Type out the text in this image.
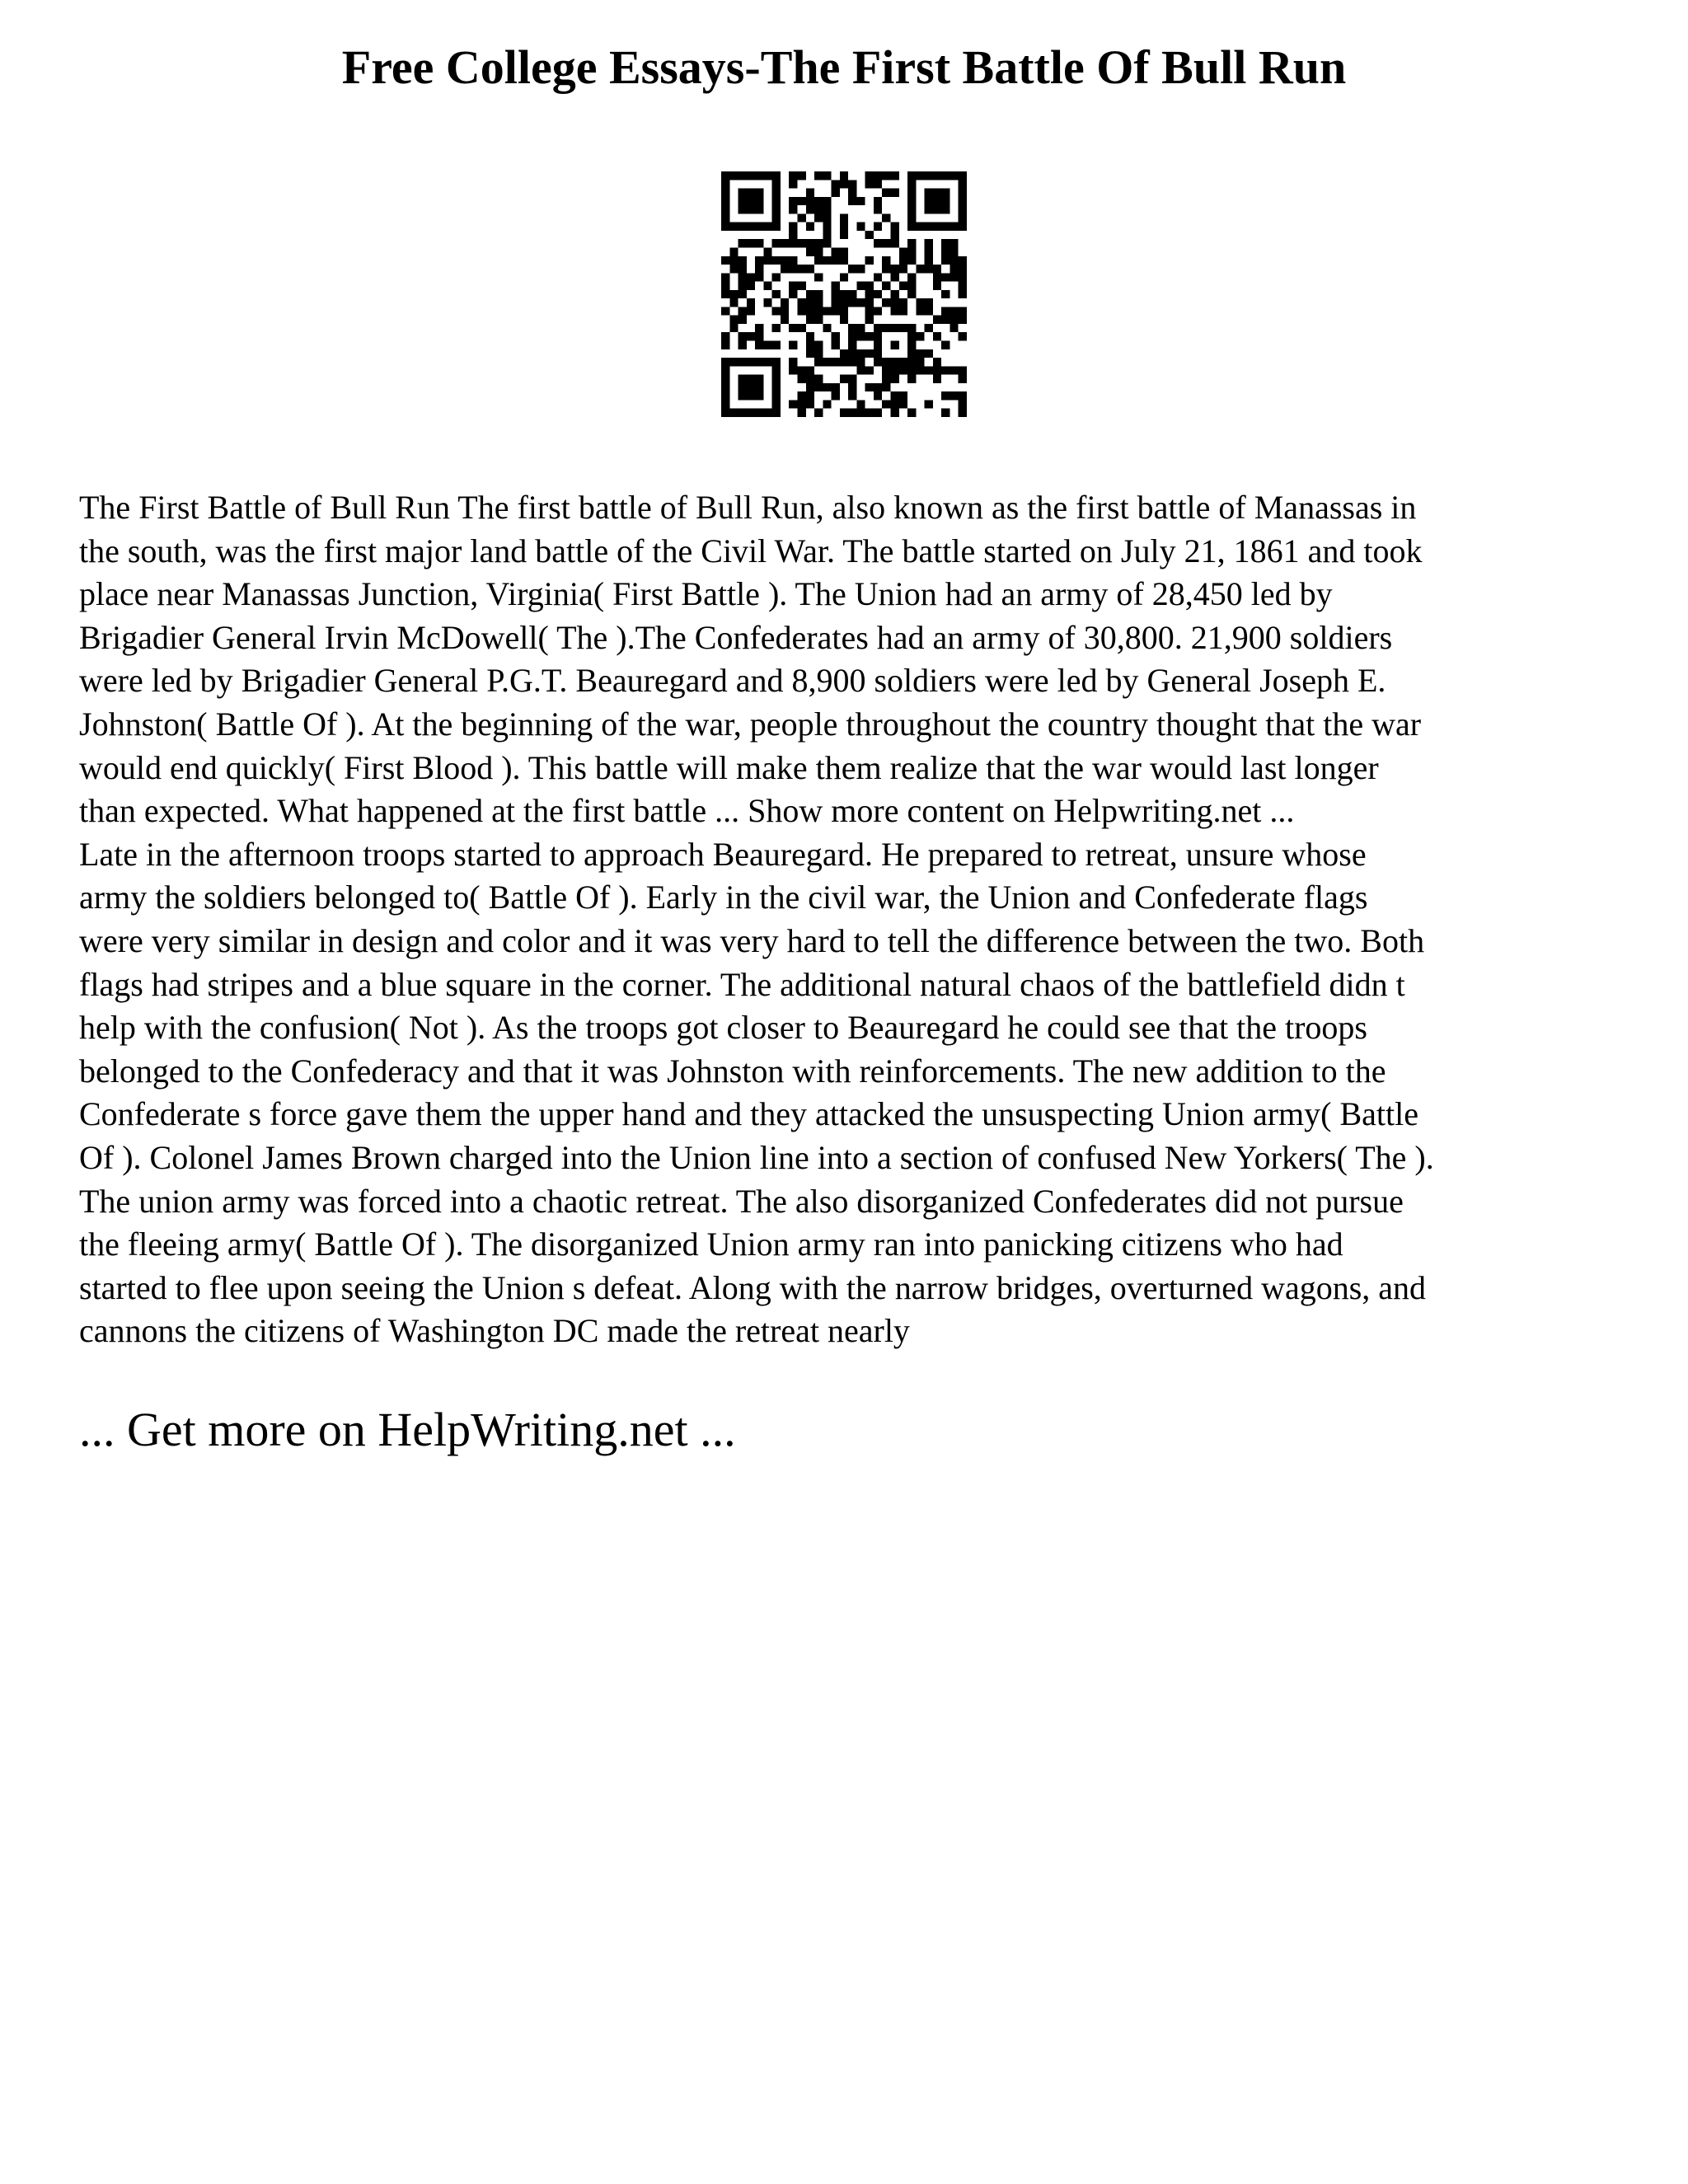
Free College Essays-The First Battle Of Bull Run
The First Battle of Bull Run The first battle of Bull Run, also known as the first battle of Manassas in
the south, was the first major land battle of the Civil War. The battle started on July 21, 1861 and took
place near Manassas Junction, Virginia( First Battle ). The Union had an army of 28,450 led by
Brigadier General Irvin McDowell( The ).The Confederates had an army of 30,800. 21,900 soldiers
were led by Brigadier General P.G.T. Beauregard and 8,900 soldiers were led by General Joseph E.
Johnston( Battle Of ). At the beginning of the war, people throughout the country thought that the war
would end quickly( First Blood ). This battle will make them realize that the war would last longer
than expected. What happened at the first battle ... Show more content on Helpwriting.net ...
Late in the afternoon troops started to approach Beauregard. He prepared to retreat, unsure whose
army the soldiers belonged to( Battle Of ). Early in the civil war, the Union and Confederate flags
were very similar in design and color and it was very hard to tell the difference between the two. Both
flags had stripes and a blue square in the corner. The additional natural chaos of the battlefield didn t
help with the confusion( Not ). As the troops got closer to Beauregard he could see that the troops
belonged to the Confederacy and that it was Johnston with reinforcements. The new addition to the
Confederate s force gave them the upper hand and they attacked the unsuspecting Union army( Battle
Of ). Colonel James Brown charged into the Union line into a section of confused New Yorkers( The ).
The union army was forced into a chaotic retreat. The also disorganized Confederates did not pursue
the fleeing army( Battle Of ). The disorganized Union army ran into panicking citizens who had
started to flee upon seeing the Union s defeat. Along with the narrow bridges, overturned wagons, and
cannons the citizens of Washington DC made the retreat nearly
... Get more on HelpWriting.net ...
